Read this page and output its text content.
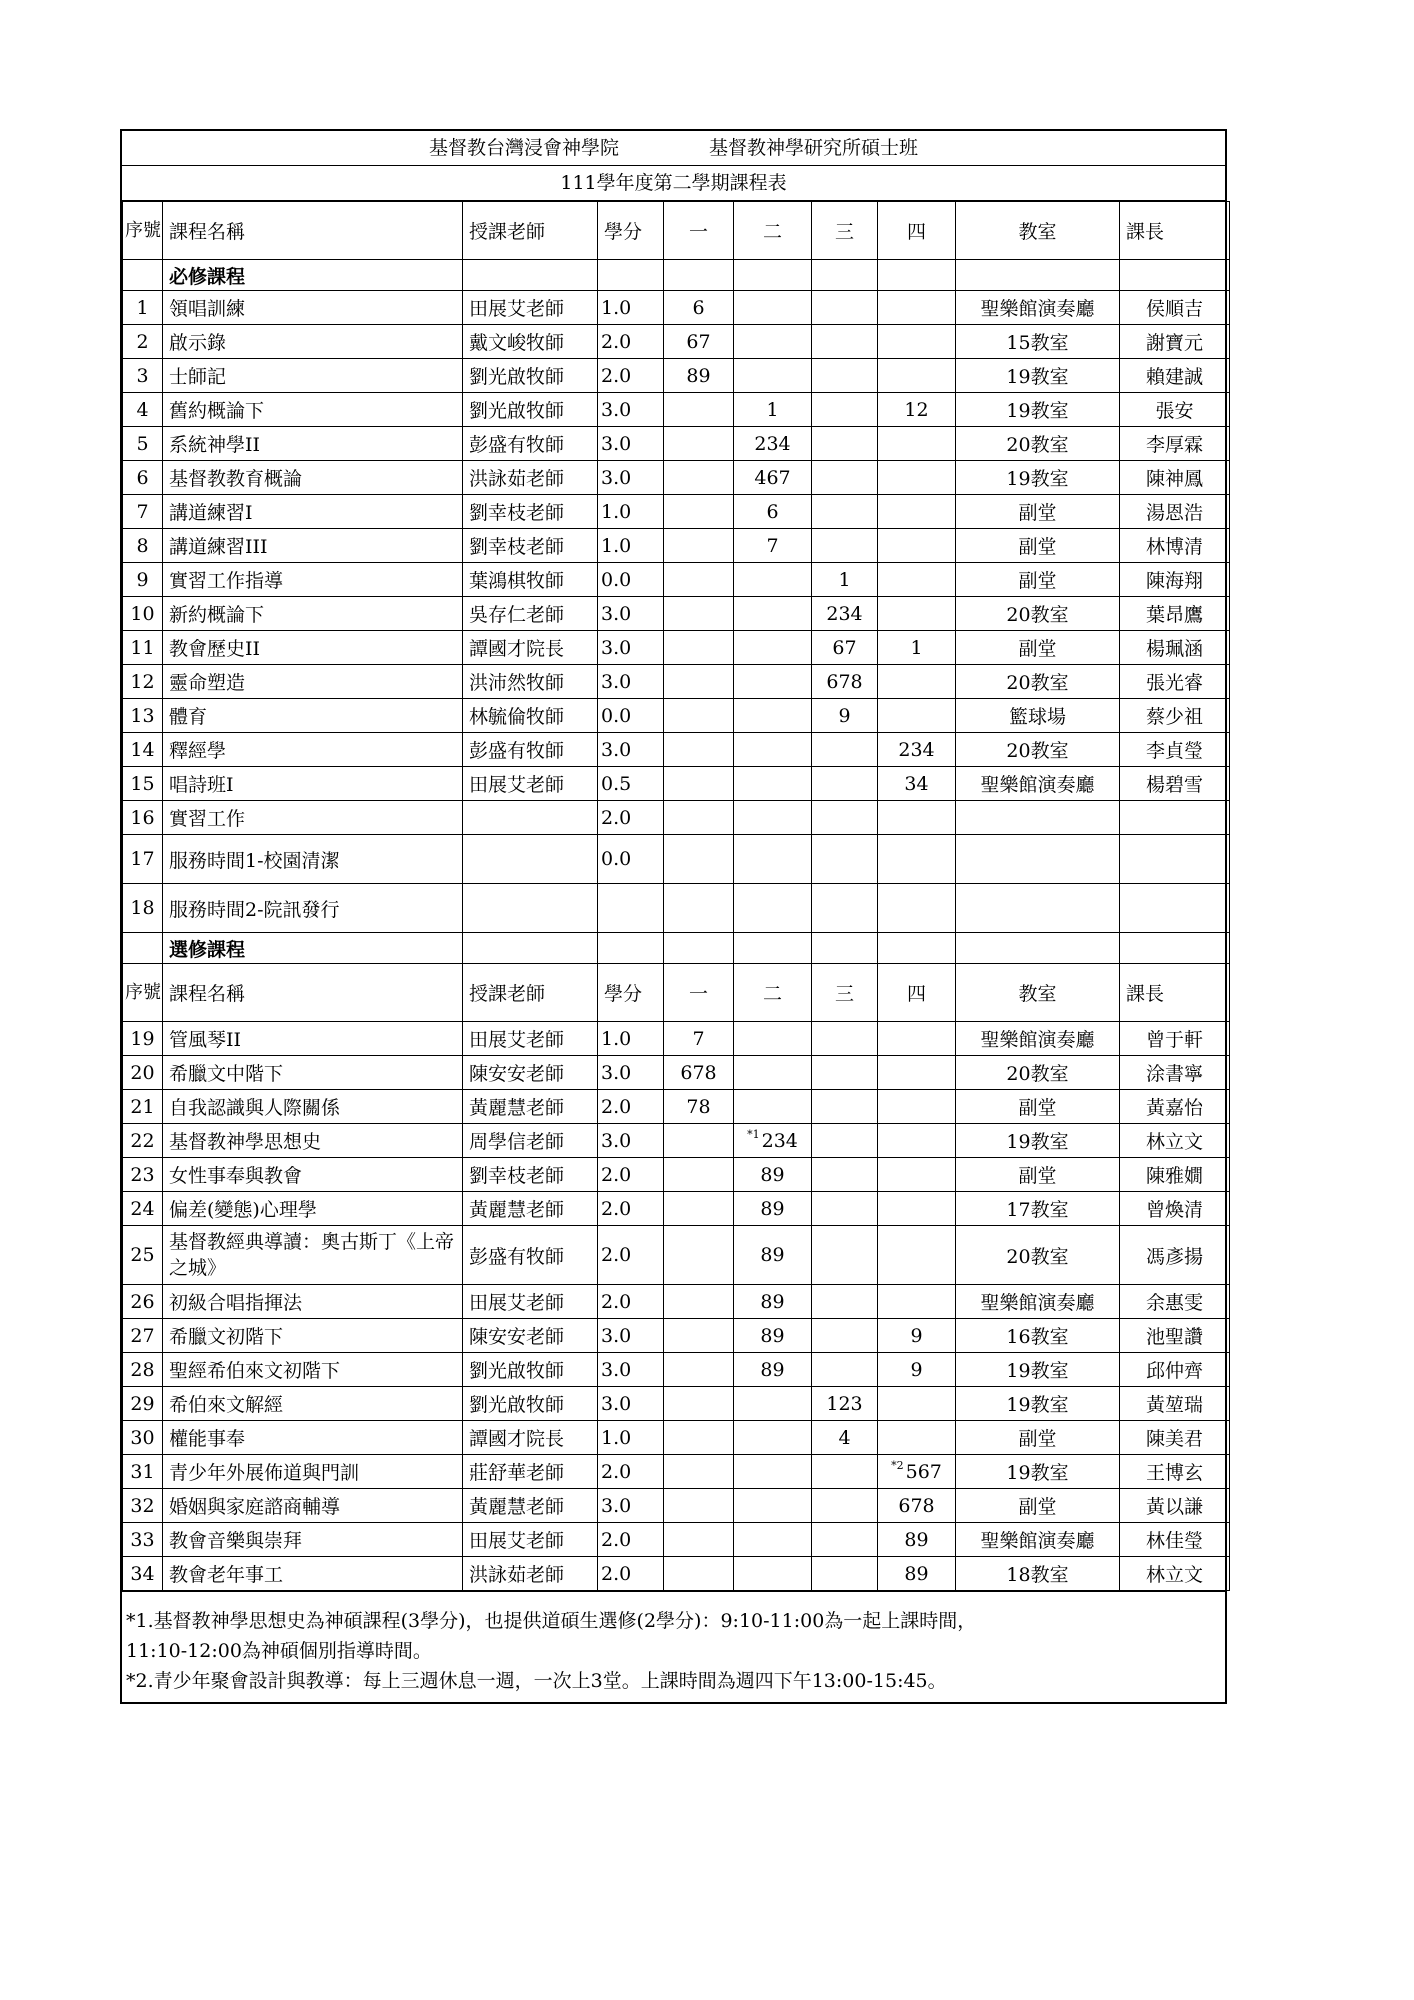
基督教台灣浸會神學院	基督教神學研究所碩士班
111學年度第二學期課程表
序號	課程名稱	授課老師	學分	一	二	三	四	教室	課長
	必修課程								
1	領唱訓練	田展艾老師	1.0	6				聖樂館演奏廳	侯順吉
2	啟示錄	戴文峻牧師	2.0	67				15教室	謝寶元
3	士師記	劉光啟牧師	2.0	89				19教室	賴建誠
4	舊約概論下	劉光啟牧師	3.0		1		12	19教室	張安
5	系統神學II	彭盛有牧師	3.0		234			20教室	李厚霖
6	基督教教育概論	洪詠茹老師	3.0		467			19教室	陳神鳳
7	講道練習I	劉幸枝老師	1.0		6			副堂	湯恩浩
8	講道練習III	劉幸枝老師	1.0		7			副堂	林博清
9	實習工作指導	葉鴻棋牧師	0.0			1		副堂	陳海翔
10	新約概論下	吳存仁老師	3.0			234		20教室	葉昂鷹
11	教會歷史II	譚國才院長	3.0			67	1	副堂	楊珮涵
12	靈命塑造	洪沛然牧師	3.0			678		20教室	張光睿
13	體育	林毓倫牧師	0.0			9		籃球場	蔡少祖
14	釋經學	彭盛有牧師	3.0				234	20教室	李貞瑩
15	唱詩班I	田展艾老師	0.5				34	聖樂館演奏廳	楊碧雪
16	實習工作		2.0						
17	服務時間1-校園清潔		0.0						
18	服務時間2-院訊發行								
	選修課程								
序號	課程名稱	授課老師	學分	一	二	三	四	教室	課長
19	管風琴II	田展艾老師	1.0	7				聖樂館演奏廳	曾于軒
20	希臘文中階下	陳安安老師	3.0	678				20教室	涂書寧
21	自我認識與人際關係	黃麗慧老師	2.0	78				副堂	黃嘉怡
22	基督教神學思想史	周學信老師	3.0		$^{*1}$ 234			19教室	林立文
23	女性事奉與教會	劉幸枝老師	2.0		89			副堂	陳雅嫺
24	偏差(變態)心理學	黃麗慧老師	2.0		89			17教室	曾煥清
25	基督教經典導讀：奧古斯丁《上帝之城》	彭盛有牧師	2.0		89			20教室	馮彥揚
26	初級合唱指揮法	田展艾老師	2.0		89			聖樂館演奏廳	余惠雯
27	希臘文初階下	陳安安老師	3.0		89		9	16教室	池聖讚
28	聖經希伯來文初階下	劉光啟牧師	3.0		89		9	19教室	邱仲齊
29	希伯來文解經	劉光啟牧師	3.0			123		19教室	黃堃瑞
30	權能事奉	譚國才院長	1.0			4		副堂	陳美君
31	青少年外展佈道與門訓	莊舒華老師	2.0				$^{*2}$ 567	19教室	王博玄
32	婚姻與家庭諮商輔導	黃麗慧老師	3.0				678	副堂	黃以謙
33	教會音樂與崇拜	田展艾老師	2.0				89	聖樂館演奏廳	林佳瑩
34	教會老年事工	洪詠茹老師	2.0				89	18教室	林立文
*1.基督教神學思想史為神碩課程(3學分)，也提供道碩生選修(2學分)：9:10-11:00為一起上課時間，
11:10-12:00為神碩個別指導時間。
*2.青少年聚會設計與教導：每上三週休息一週，一次上3堂。上課時間為週四下午13:00-15:45。
